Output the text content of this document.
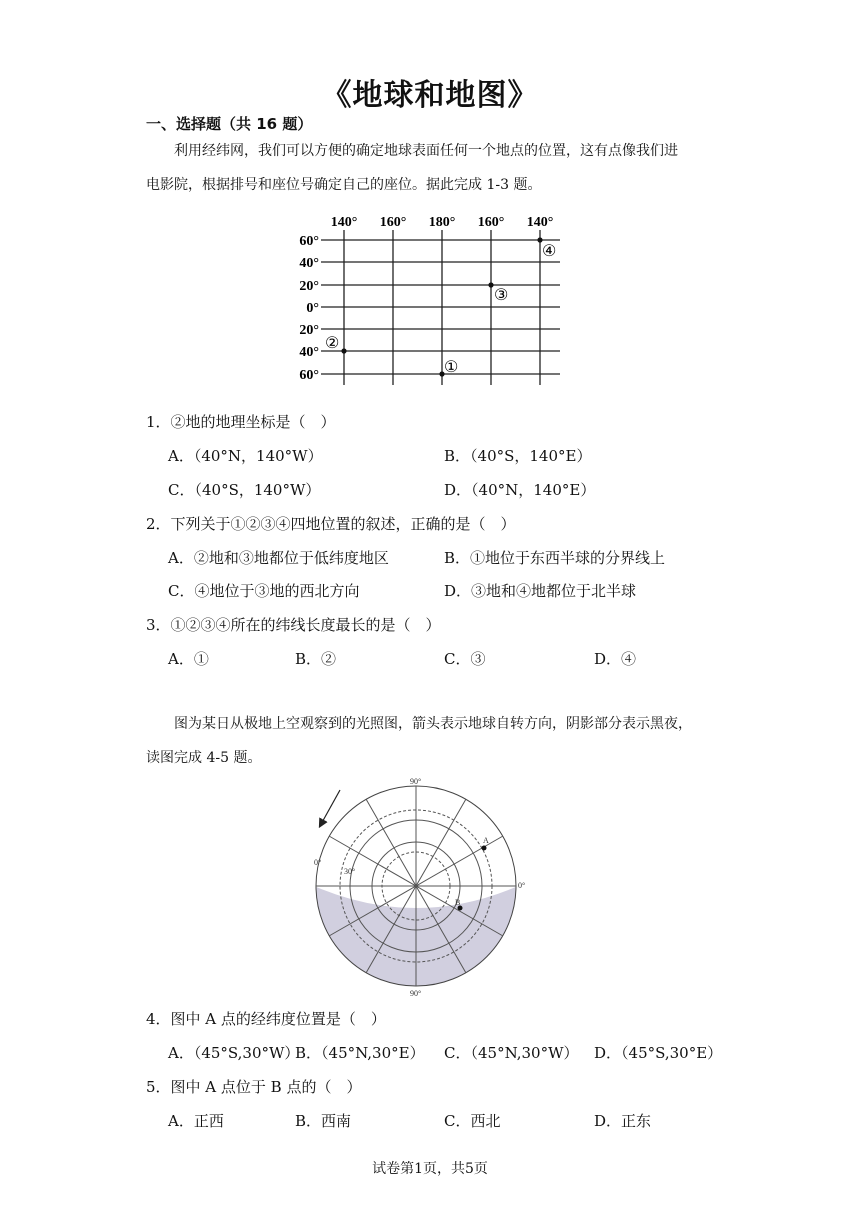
《地球和地图》
一、选择题（共 16 题）
利用经纬网，我们可以方便的确定地球表面任何一个地点的位置，这有点像我们进
电影院，根据排号和座位号确定自己的座位。据此完成 1-3 题。
140° 160° 180° 160° 140°
60°
40°
20°
0°
20°
40°
60°	①
②
③
④
1．②地的地理坐标是（　）
A．（40°N，140°W）	B．（40°S，140°E）
C．（40°S，140°W）	D．（40°N，140°E）
2．下列关于①②③④四地位置的叙述，正确的是（　）
A．②地和③地都位于低纬度地区	B．①地位于东西半球的分界线上
C．④地位于③地的西北方向	D．③地和④地都位于北半球
3．①②③④所在的纬线长度最长的是（　）
A．①	B．②	C．③	D．④
图为某日从极地上空观察到的光照图，箭头表示地球自转方向，阴影部分表示黑夜，
读图完成 4-5 题。
A
B
90°
90°
0°
0°
30°
4．图中 A 点的经纬度位置是（　）
A．（45°S,30°W）
B．（45°N,30°E） C．（45°N,30°W） D．（45°S,30°E）
5．图中 A 点位于 B 点的（　）
A．正西	B．西南	C．西北	D．正东
试卷第1页，共5页
